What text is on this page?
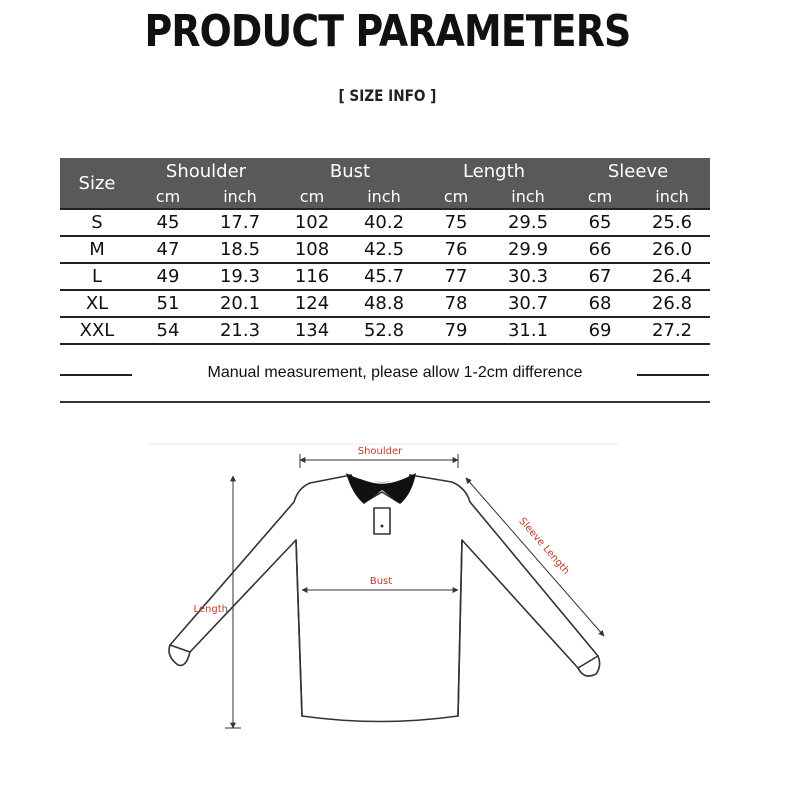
PRODUCT PARAMETERS
[ SIZE INFO ]
Size	Shoulder		Bust		Length		Sleeve	
	cm	inch	cm	inch	cm	inch	cm	inch
S	45	17.7	102	40.2	75	29.5	65	25.6
M	47	18.5	108	42.5	76	29.9	66	26.0
L	49	19.3	116	45.7	77	30.3	67	26.4
XL	51	20.1	124	48.8	78	30.7	68	26.8
XXL	54	21.3	134	52.8	79	31.1	69	27.2
Manual measurement, please allow 1-2cm difference
Shoulder
Bust
Length
Sleeve Length
